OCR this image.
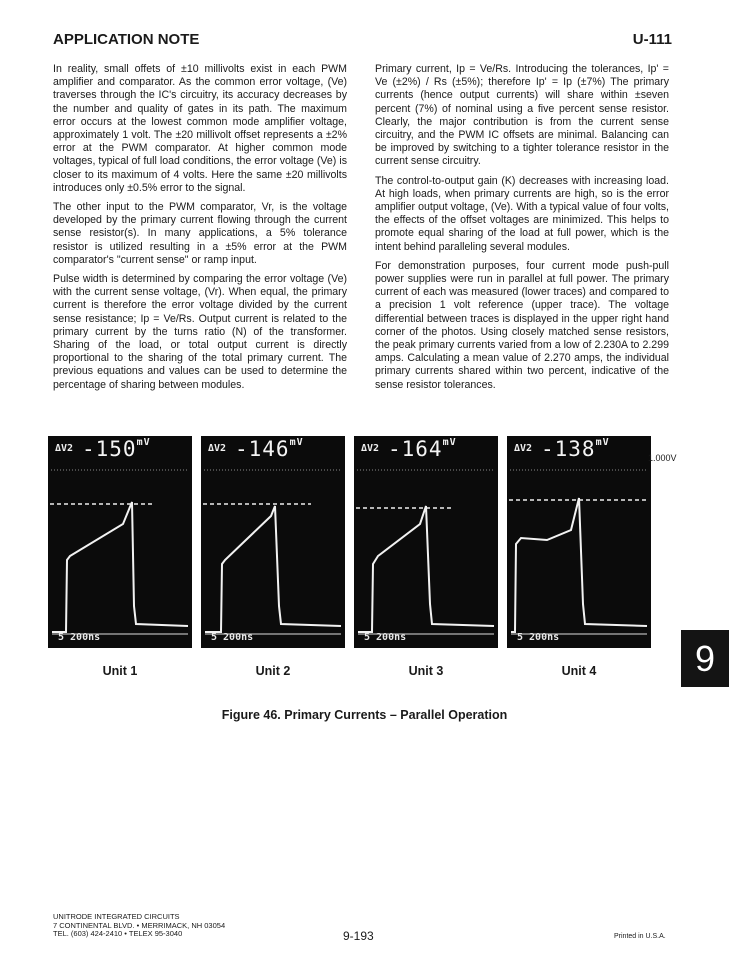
APPLICATION NOTE	U-111

In reality, small offets of ±10 millivolts exist in each PWM amplifier and comparator. As the common error voltage, (Ve) traverses through the IC's circuitry, its accuracy decreases by the number and quality of gates in its path. The maximum error occurs at the lowest common mode amplifier voltage, approximately 1 volt. The ±20 millivolt offset represents a ±2% error at the PWM comparator. At higher common mode voltages, typical of full load conditions, the error voltage (Ve) is closer to its maximum of 4 volts. Here the same ±20 millivolts introduces only ±0.5% error to the signal.

The other input to the PWM comparator, Vr, is the voltage developed by the primary current flowing through the current sense resistor(s). In many applications, a 5% tolerance resistor is utilized resulting in a ±5% error at the PWM comparator's "current sense" or ramp input.

Pulse width is determined by comparing the error voltage (Ve) with the current sense voltage, (Vr). When equal, the primary current is therefore the error voltage divided by the current sense resistance; Ip = Ve/Rs. Output current is related to the primary current by the turns ratio (N) of the transformer. Sharing of the load, or total output current is directly proportional to the sharing of the total primary current. The previous equations and values can be used to determine the percentage of sharing between modules.

Primary current, Ip = Ve/Rs. Introducing the tolerances, Ip' = Ve (±2%) / Rs (±5%); therefore Ip' = Ip (±7%) The primary currents (hence output currents) will share within ±seven percent (7%) of nominal using a five percent sense resistor. Clearly, the major contribution is from the current sense circuitry, and the PWM IC offsets are minimal. Balancing can be improved by switching to a tighter tolerance resistor in the current sense circuitry.

The control-to-output gain (K) decreases with increasing load. At high loads, when primary currents are high, so is the error amplifier output voltage, (Ve). With a typical value of four volts, the effects of the offset voltages are minimized. This helps to promote equal sharing of the load at full power, which is the intent behind paralleling several modules.

For demonstration purposes, four current mode push-pull power supplies were run in parallel at full power. The primary current of each was measured (lower traces) and compared to a precision 1 volt reference (upper trace). The voltage differential between traces is displayed in the upper right hand corner of the photos. Using closely matched sense resistors, the peak primary currents varied from a low of 2.230A to 2.299 amps. Calculating a mean value of 2.270 amps, the individual primary currents shared within two percent, indicative of the sense resistor tolerances.

ΔV2 $-150^{mV}$
5 200ns
ΔV2 $-146^{mV}$
5 200ns
ΔV2 $-164^{mV}$
5 200ns
ΔV2 $-138^{mV}$
5 200ns
1.000V
Unit 1	Unit 2	Unit 3	Unit 4
Figure 46. Primary Currents – Parallel Operation
9
UNITRODE INTEGRATED CIRCUITS
7 CONTINENTAL BLVD. • MERRIMACK, NH 03054
TEL. (603) 424-2410 • TELEX 95-3040	9-193	Printed in U.S.A.
